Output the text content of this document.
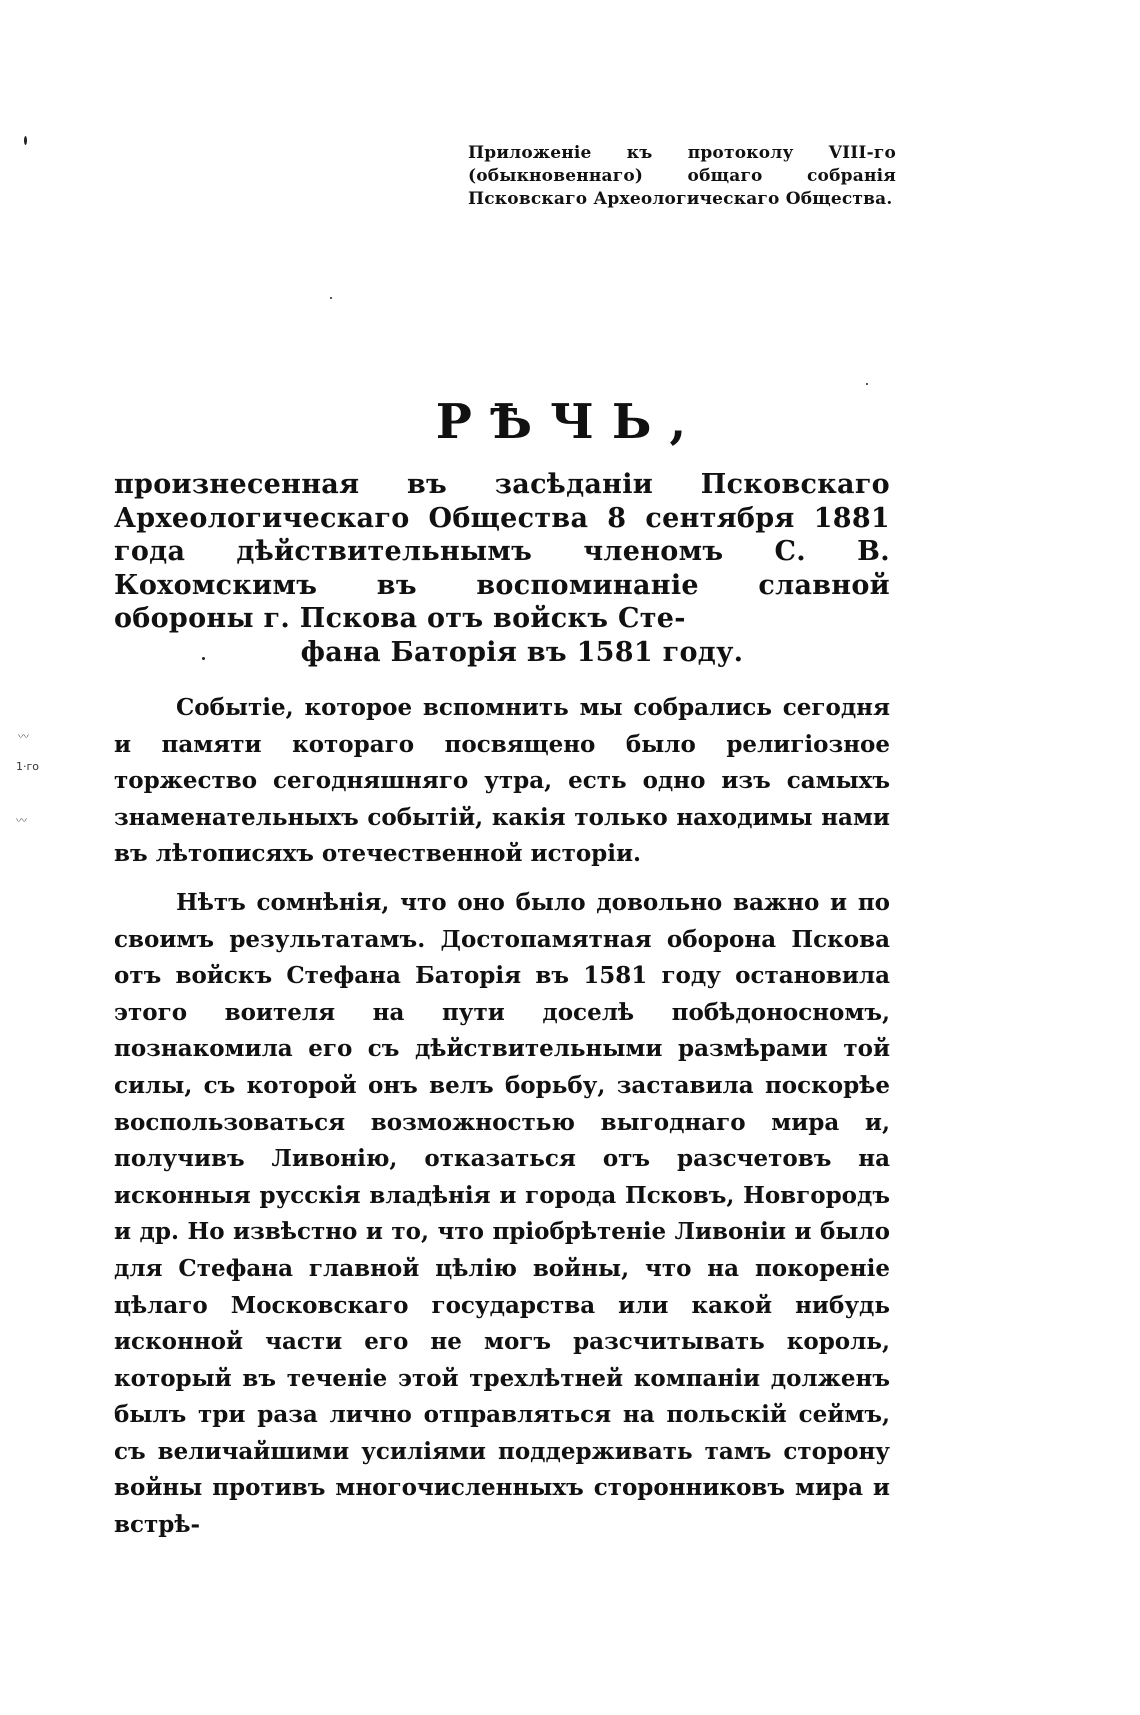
Приложеніе къ протоколу VIII-го (обыкновеннаго) общаго собранія Псковскаго Археологическаго Общества.
РѢЧЬ,
произнесенная въ засѣданіи Псковскаго Археологическаго Общества 8 сентября 1881 года дѣйствительнымъ членомъ С. В. Кохомскимъ въ воспоминаніе славной обороны г. Пскова отъ войскъ Сте-
фана Баторія въ 1581 году.

Событіе, которое вспомнить мы собрались сегодня и памяти котораго посвящено было религіозное торжество сегодняшняго утра, есть одно изъ самыхъ знаменательныхъ событій, какія только находимы нами въ лѣтописяхъ отечественной исторіи.

Нѣтъ сомнѣнія, что оно было довольно важно и по своимъ результатамъ. Достопамятная оборона Пскова отъ войскъ Стефана Баторія въ 1581 году остановила этого воителя на пути доселѣ побѣдоносномъ, познакомила его съ дѣйствительными размѣрами той силы, съ которой онъ велъ борьбу, заставила поскорѣе воспользоваться возможностью выгоднаго мира и, получивъ Ливонію, отказаться отъ разсчетовъ на исконныя русскія владѣнія и города Псковъ, Новгородъ и др. Но извѣстно и то, что пріобрѣтеніе Ливоніи и было для Стефана главной цѣлію войны, что на покореніе цѣлаго Московскаго государства или какой нибудь исконной части его не могъ разсчитывать король, который въ теченіе этой трехлѣтней компаніи долженъ былъ три раза лично отправляться на польскій сеймъ, съ величайшими усиліями поддерживать тамъ сторону войны противъ многочисленныхъ сторонниковъ мира и встрѣ-

〰
1·го
〰
